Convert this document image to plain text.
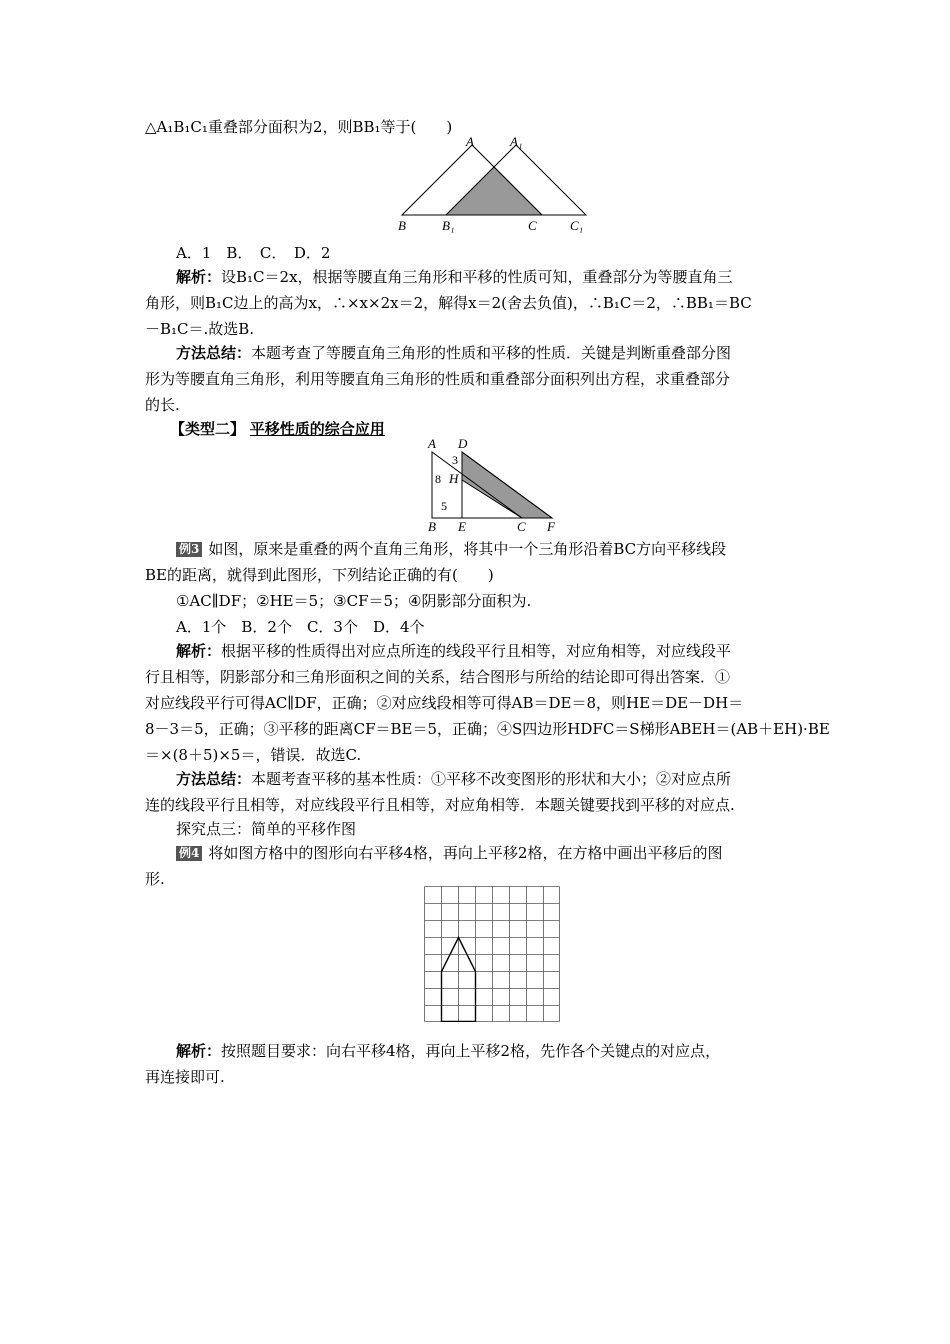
△A₁B₁C₁重叠部分面积为2，则BB₁等于(　　)
A	A₁
B	B₁	C	C₁
A．1　B．　C．　D．2
解析：设B₁C＝2x，根据等腰直角三角形和平移的性质可知，重叠部分为等腰直角三
角形，则B₁C边上的高为x，∴×x×2x＝2，解得x＝2(舍去负值)，∴B₁C＝2，∴BB₁＝BC
－B₁C＝.故选B.
方法总结：本题考查了等腰直角三角形的性质和平移的性质．关键是判断重叠部分图
形为等腰直角三角形，利用等腰直角三角形的性质和重叠部分面积列出方程，求重叠部分
的长.
【类型二】 平移性质的综合应用
A D
3
H
8
5
B E	C F
例3 如图，原来是重叠的两个直角三角形，将其中一个三角形沿着BC方向平移线段
BE的距离，就得到此图形，下列结论正确的有(　　)
①AC∥DF；②HE＝5；③CF＝5；④阴影部分面积为.
A．1个　B．2个　C．3个　D．4个
解析：根据平移的性质得出对应点所连的线段平行且相等，对应角相等，对应线段平
行且相等，阴影部分和三角形面积之间的关系，结合图形与所给的结论即可得出答案．①
对应线段平行可得AC∥DF，正确；②对应线段相等可得AB＝DE＝8，则HE＝DE－DH＝
8－3＝5，正确；③平移的距离CF＝BE＝5，正确；④S四边形HDFC＝S梯形ABEH＝(AB＋EH)·BE
＝×(8＋5)×5＝，错误．故选C.
方法总结：本题考查平移的基本性质：①平移不改变图形的形状和大小；②对应点所
连的线段平行且相等，对应线段平行且相等，对应角相等．本题关键要找到平移的对应点.
探究点三：简单的平移作图
例4 将如图方格中的图形向右平移4格，再向上平移2格，在方格中画出平移后的图
形.
解析：按照题目要求：向右平移4格，再向上平移2格，先作各个关键点的对应点，
再连接即可.
